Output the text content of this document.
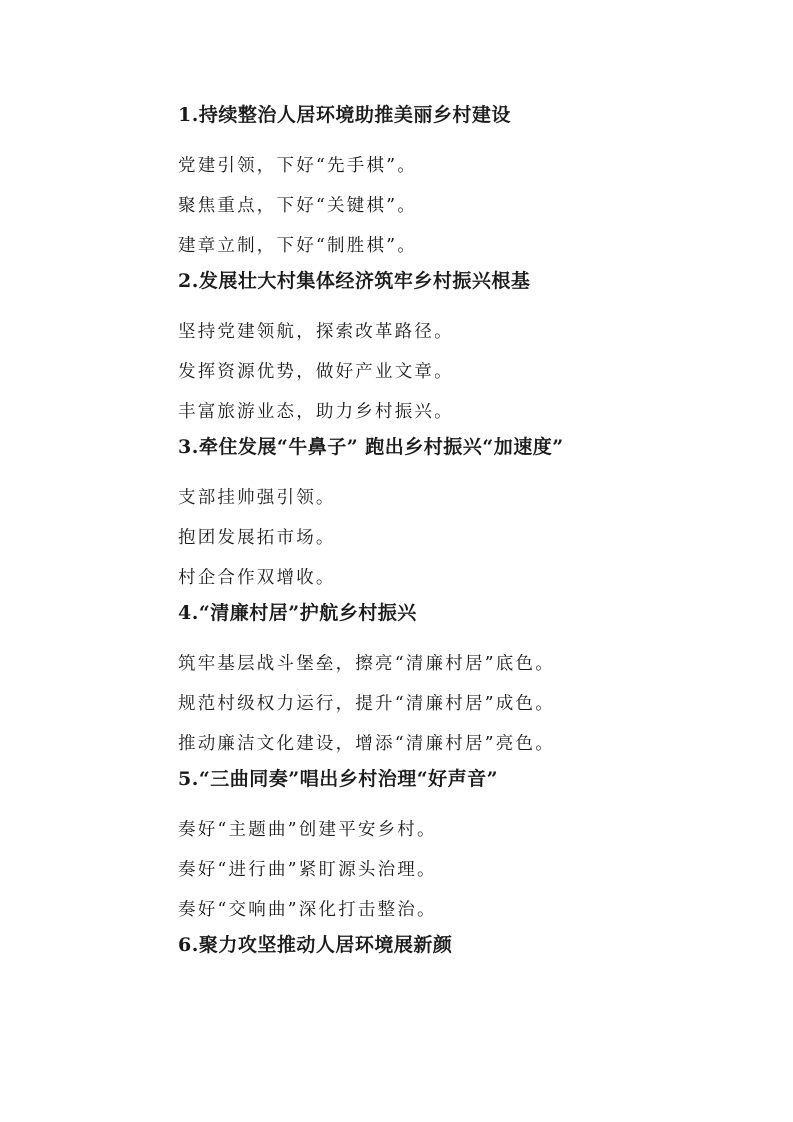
1.持续整治人居环境助推美丽乡村建设
党建引领，下好“先手棋”。
聚焦重点，下好“关键棋”。
建章立制，下好“制胜棋”。
2.发展壮大村集体经济筑牢乡村振兴根基
坚持党建领航，探索改革路径。
发挥资源优势，做好产业文章。
丰富旅游业态，助力乡村振兴。
3.牵住发展“牛鼻子” 跑出乡村振兴“加速度”
支部挂帅强引领。
抱团发展拓市场。
村企合作双增收。
4.“清廉村居”护航乡村振兴
筑牢基层战斗堡垒，擦亮“清廉村居”底色。
规范村级权力运行，提升“清廉村居”成色。
推动廉洁文化建设，增添“清廉村居”亮色。
5.“三曲同奏”唱出乡村治理“好声音”
奏好“主题曲”创建平安乡村。
奏好“进行曲”紧盯源头治理。
奏好“交响曲”深化打击整治。
6.聚力攻坚推动人居环境展新颜
